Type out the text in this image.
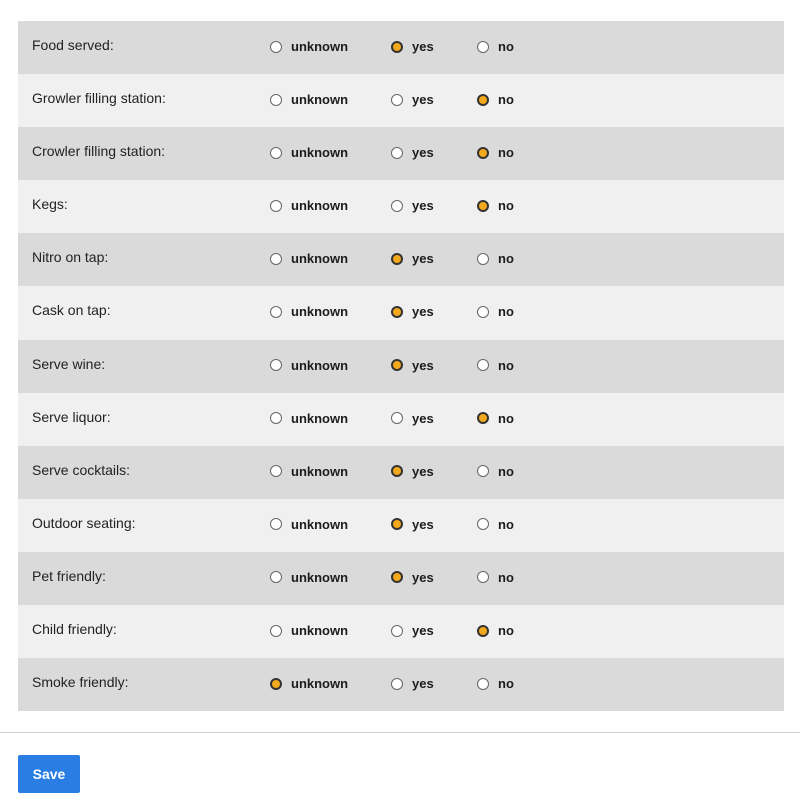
Food served:	unknown	yes	no
Growler filling station:	unknown	yes	no
Crowler filling station:	unknown	yes	no
Kegs:	unknown	yes	no
Nitro on tap:	unknown	yes	no
Cask on tap:	unknown	yes	no
Serve wine:	unknown	yes	no
Serve liquor:	unknown	yes	no
Serve cocktails:	unknown	yes	no
Outdoor seating:	unknown	yes	no
Pet friendly:	unknown	yes	no
Child friendly:	unknown	yes	no
Smoke friendly:	unknown	yes	no
Save
